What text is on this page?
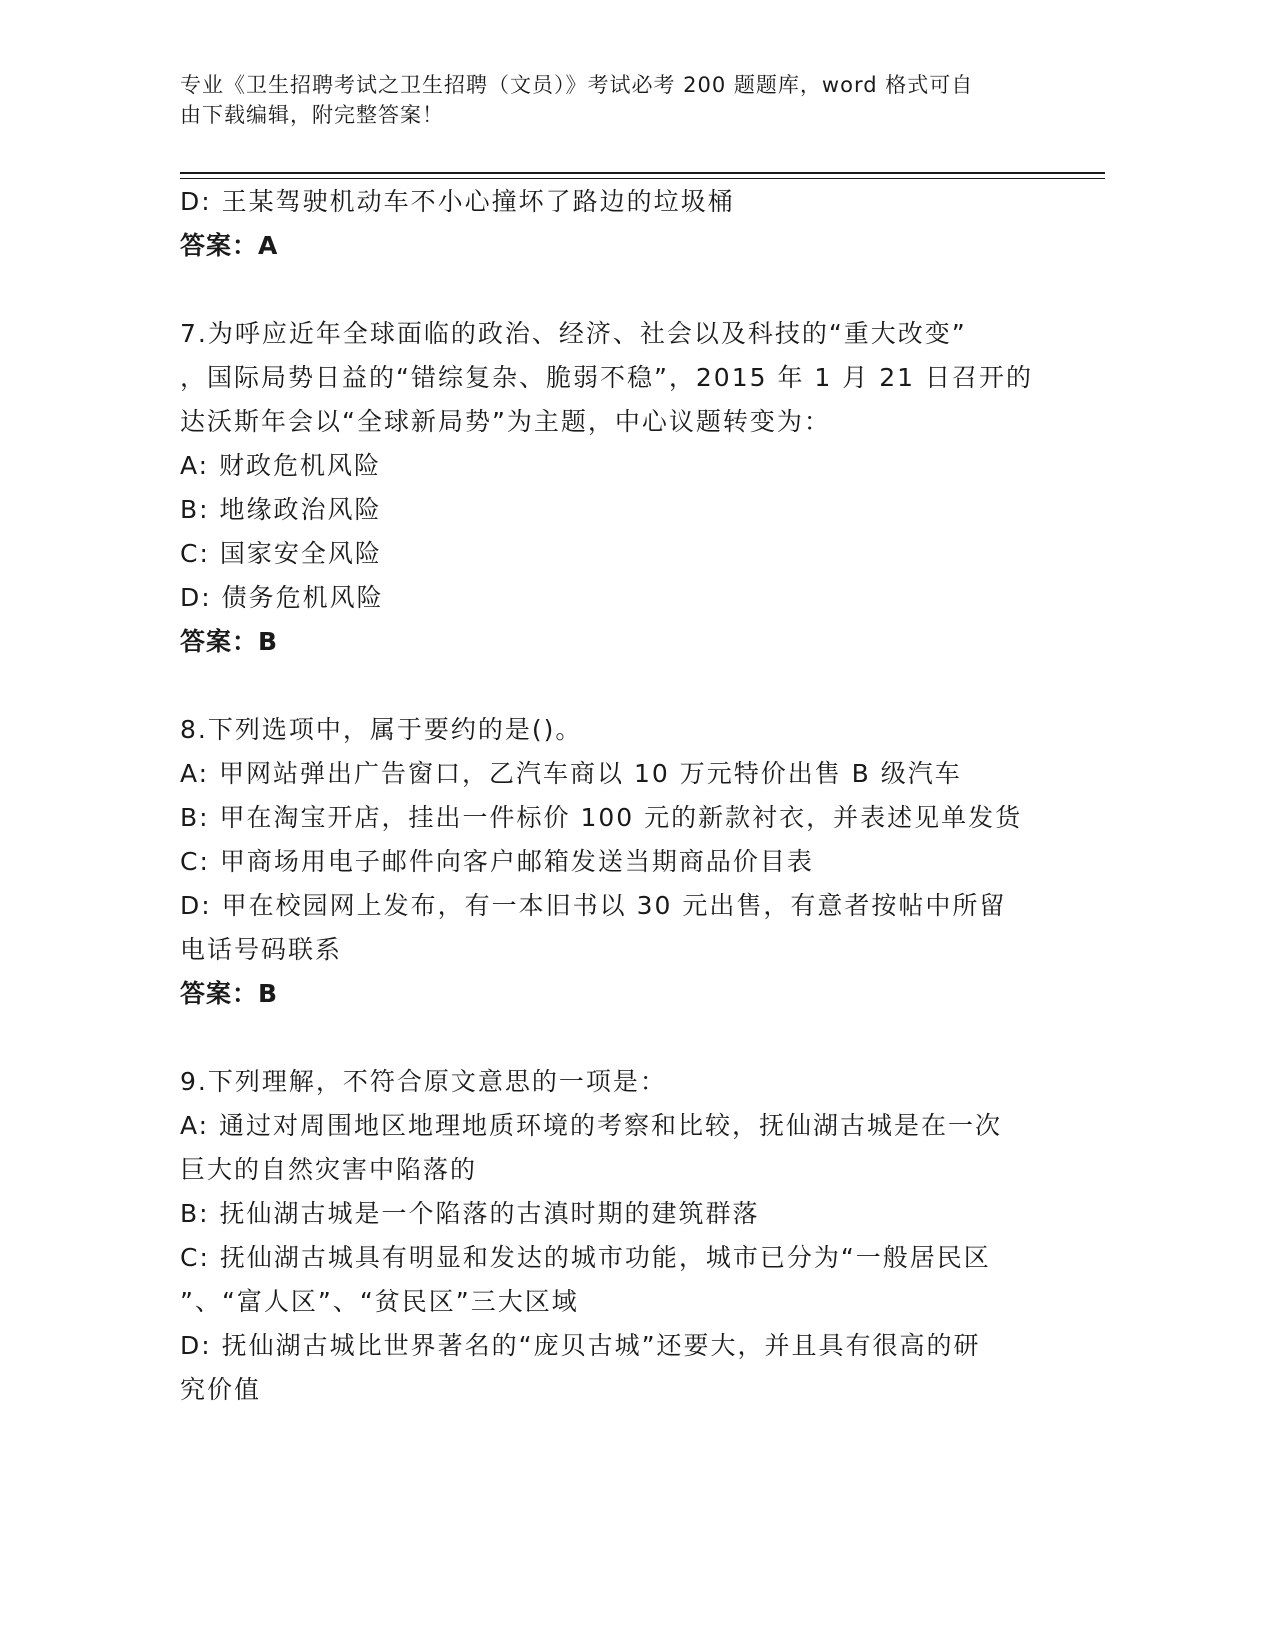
专业《卫生招聘考试之卫生招聘（文员）》考试必考 200 题题库，word 格式可自
由下载编辑，附完整答案！
D: 王某驾驶机动车不小心撞坏了路边的垃圾桶
答案：A
7.为呼应近年全球面临的政治、经济、社会以及科技的“重大改变”
，国际局势日益的“错综复杂、脆弱不稳”，2015 年 1 月 21 日召开的
达沃斯年会以“全球新局势”为主题，中心议题转变为：
A: 财政危机风险
B: 地缘政治风险
C: 国家安全风险
D: 债务危机风险
答案：B
8.下列选项中，属于要约的是()。
A: 甲网站弹出广告窗口，乙汽车商以 10 万元特价出售 B 级汽车
B: 甲在淘宝开店，挂出一件标价 100 元的新款衬衣，并表述见单发货
C: 甲商场用电子邮件向客户邮箱发送当期商品价目表
D: 甲在校园网上发布，有一本旧书以 30 元出售，有意者按帖中所留
电话号码联系
答案：B
9.下列理解，不符合原文意思的一项是：
A: 通过对周围地区地理地质环境的考察和比较，抚仙湖古城是在一次
巨大的自然灾害中陷落的
B: 抚仙湖古城是一个陷落的古滇时期的建筑群落
C: 抚仙湖古城具有明显和发达的城市功能，城市已分为“一般居民区
”、“富人区”、“贫民区”三大区域
D: 抚仙湖古城比世界著名的“庞贝古城”还要大，并且具有很高的研
究价值
